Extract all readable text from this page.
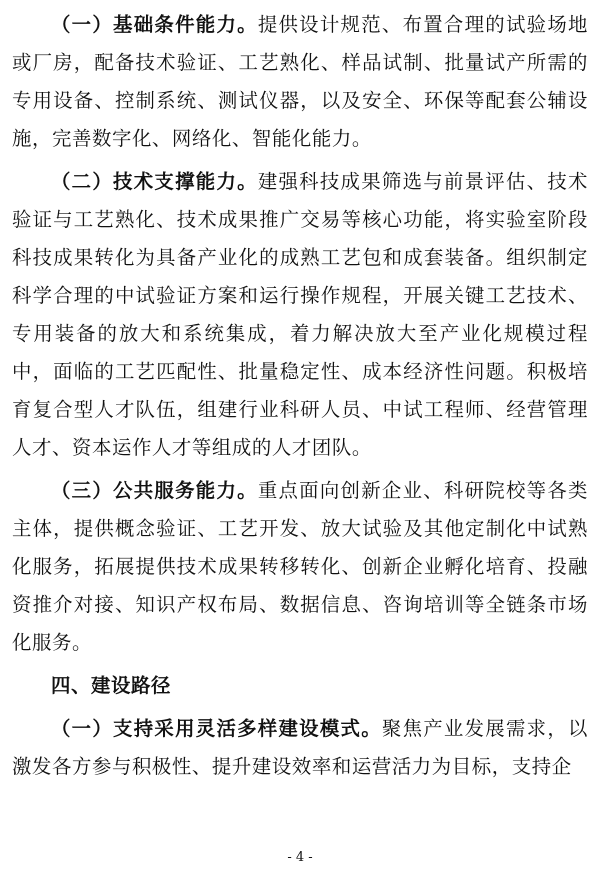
（一）基础条件能力。提供设计规范、布置合理的试验场地或厂房，配备技术验证、工艺熟化、样品试制、批量试产所需的专用设备、控制系统、测试仪器，以及安全、环保等配套公辅设施，完善数字化、网络化、智能化能力。

（二）技术支撑能力。建强科技成果筛选与前景评估、技术验证与工艺熟化、技术成果推广交易等核心功能，将实验室阶段科技成果转化为具备产业化的成熟工艺包和成套装备。组织制定科学合理的中试验证方案和运行操作规程，开展关键工艺技术、专用装备的放大和系统集成，着力解决放大至产业化规模过程中，面临的工艺匹配性、批量稳定性、成本经济性问题。积极培育复合型人才队伍，组建行业科研人员、中试工程师、经营管理人才、资本运作人才等组成的人才团队。

（三）公共服务能力。重点面向创新企业、科研院校等各类主体，提供概念验证、工艺开发、放大试验及其他定制化中试熟化服务，拓展提供技术成果转移转化、创新企业孵化培育、投融资推介对接、知识产权布局、数据信息、咨询培训等全链条市场化服务。

四、建设路径

（一）支持采用灵活多样建设模式。聚焦产业发展需求，以激发各方参与积极性、提升建设效率和运营活力为目标，支持企

- 4 -
